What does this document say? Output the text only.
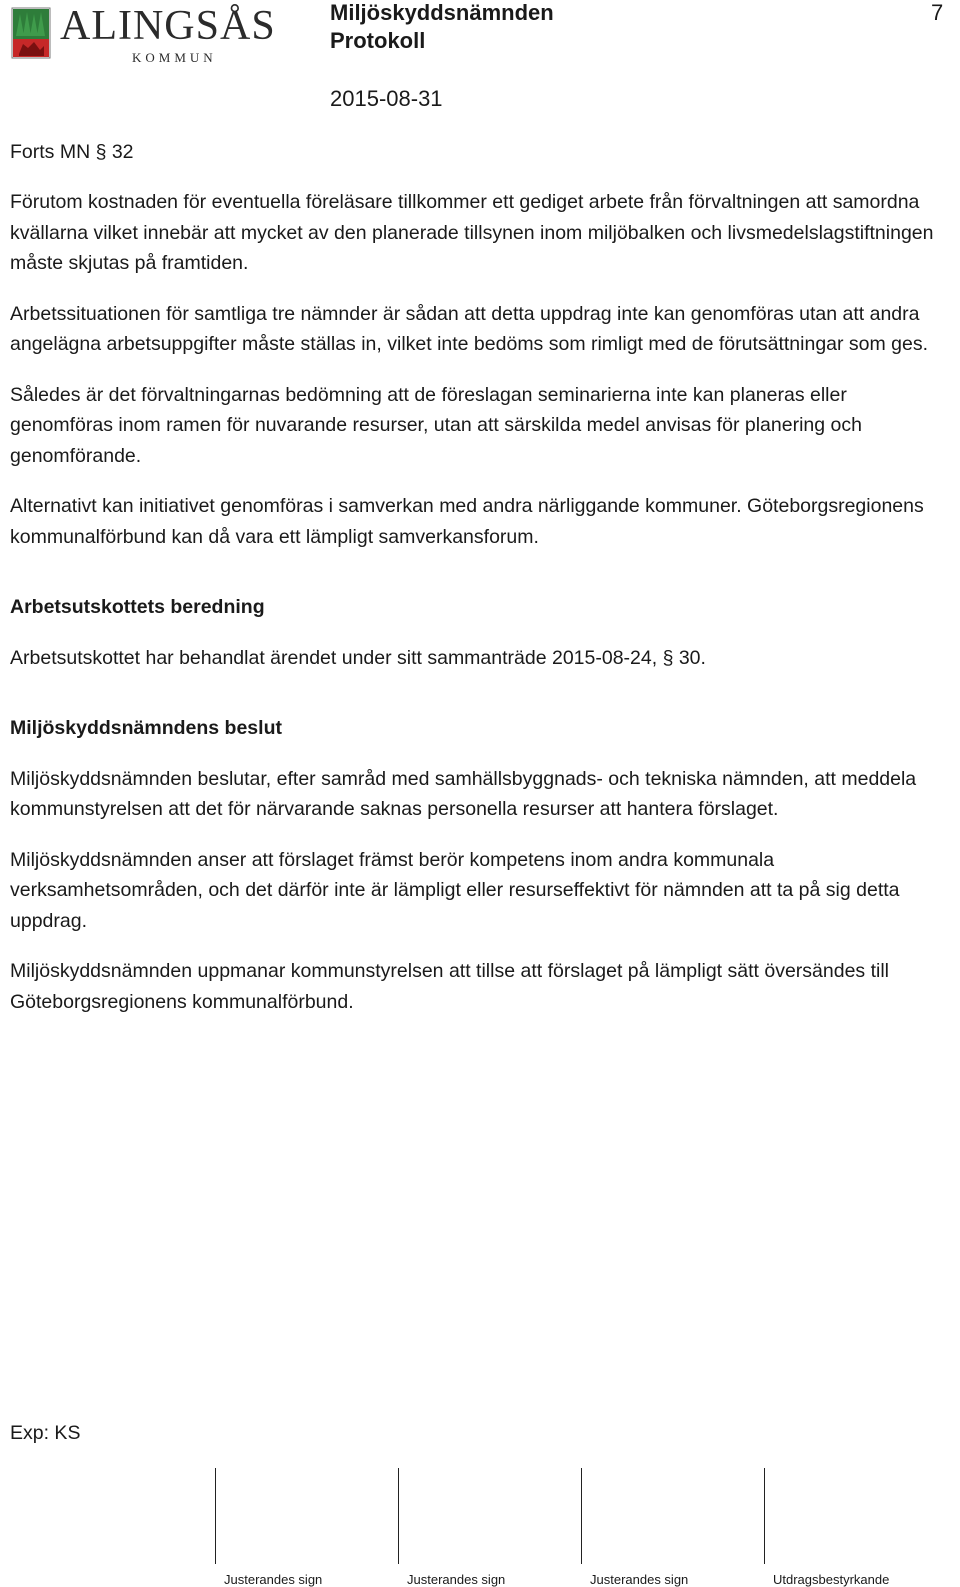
ALINGSÅS
KOMMUN
Miljöskyddsnämnden
Protokoll
2015-08-31
7

Forts MN § 32

Förutom kostnaden för eventuella föreläsare tillkommer ett gediget arbete från förvaltningen att samordna kvällarna vilket innebär att mycket av den planerade tillsynen inom miljöbalken och livsmedelslagstiftningen måste skjutas på framtiden.

Arbetssituationen för samtliga tre nämnder är sådan att detta uppdrag inte kan genomföras utan att andra angelägna arbetsuppgifter måste ställas in, vilket inte bedöms som rimligt med de förutsättningar som ges.

Således är det förvaltningarnas bedömning att de föreslagan seminarierna inte kan planeras eller genomföras inom ramen för nuvarande resurser, utan att särskilda medel anvisas för planering och genomförande.

Alternativt kan initiativet genomföras i samverkan med andra närliggande kommuner. Göteborgsregionens kommunalförbund kan då vara ett lämpligt samverkansforum.

Arbetsutskottets beredning

Arbetsutskottet har behandlat ärendet under sitt sammanträde 2015-08-24, § 30.

Miljöskyddsnämndens beslut

Miljöskyddsnämnden beslutar, efter samråd med samhällsbyggnads- och tekniska nämnden, att meddela kommunstyrelsen att det för närvarande saknas personella resurser att hantera förslaget.

Miljöskyddsnämnden anser att förslaget främst berör kompetens inom andra kommunala verksamhetsområden, och det därför inte är lämpligt eller resurseffektivt för nämnden att ta på sig detta uppdrag.

Miljöskyddsnämnden uppmanar kommunstyrelsen att tillse att förslaget på lämpligt sätt översändes till Göteborgsregionens kommunalförbund.

Exp: KS
Justerandes sign	Justerandes sign	Justerandes sign	Utdragsbestyrkande
